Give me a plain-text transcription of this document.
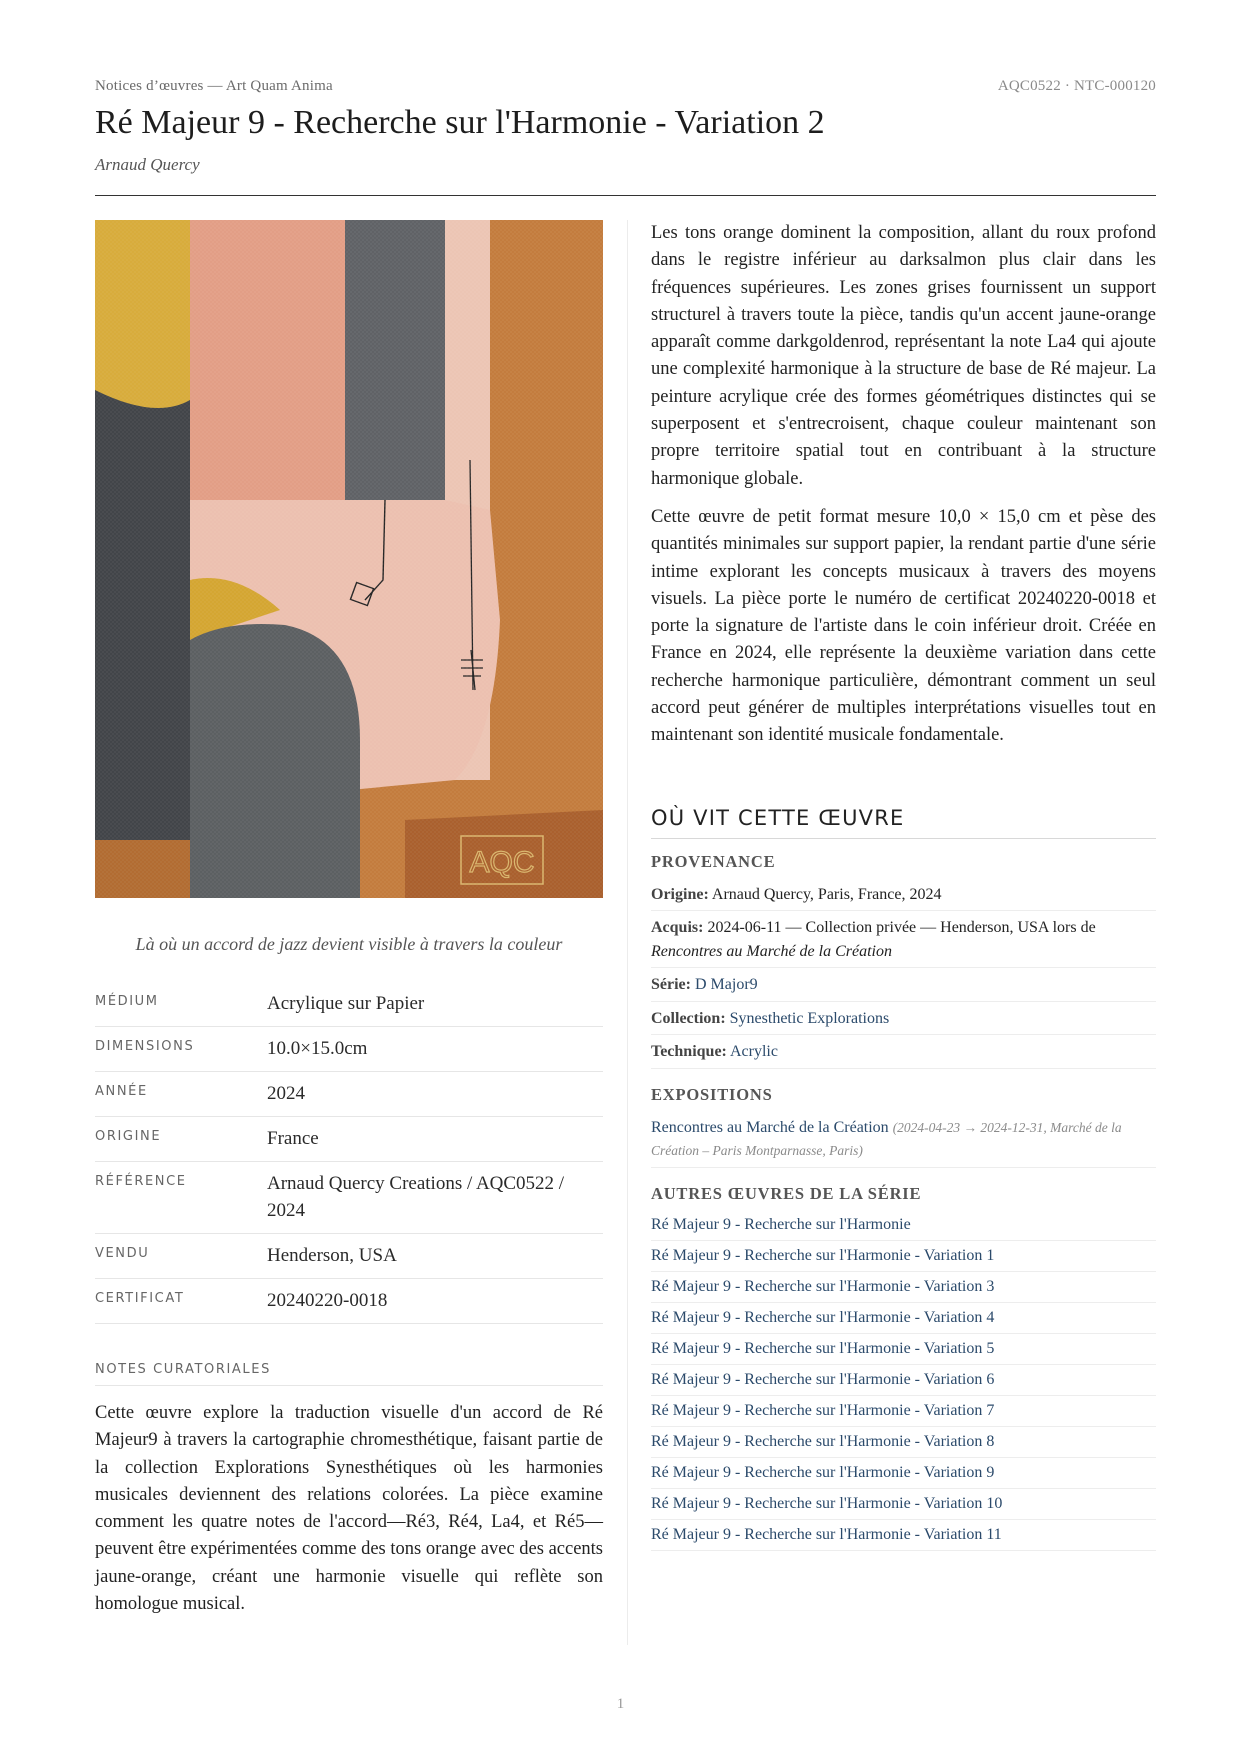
Notices d’œuvres — Art Quam Anima	AQC0522 · NTC-000120
Ré Majeur 9 - Recherche sur l'Harmonie - Variation 2
Arnaud Quercy
Là où un accord de jazz devient visible à travers la couleur
MÉDIUM	Acrylique sur Papier
DIMENSIONS	10.0×15.0cm
ANNÉE	2024
ORIGINE	France
RÉFÉRENCE	Arnaud Quercy Creations / AQC0522 / 2024
VENDU	Henderson, USA
CERTIFICAT	20240220-0018
NOTES CURATORIALES
Cette œuvre explore la traduction visuelle d'un accord de Ré Majeur9 à travers la cartographie chromesthétique, faisant partie de la collection Explorations Synesthétiques où les harmonies musicales deviennent des relations colorées. La pièce examine comment les quatre notes de l'accord—Ré3, Ré4, La4, et Ré5—peuvent être expérimentées comme des tons orange avec des accents jaune-orange, créant une harmonie visuelle qui reflète son homologue musical.

Les tons orange dominent la composition, allant du roux profond dans le registre inférieur au darksalmon plus clair dans les fréquences supérieures. Les zones grises fournissent un support structurel à travers toute la pièce, tandis qu'un accent jaune-orange apparaît comme darkgoldenrod, représentant la note La4 qui ajoute une complexité harmonique à la structure de base de Ré majeur. La peinture acrylique crée des formes géométriques distinctes qui se superposent et s'entrecroisent, chaque couleur maintenant son propre territoire spatial tout en contribuant à la structure harmonique globale.

Cette œuvre de petit format mesure 10,0 × 15,0 cm et pèse des quantités minimales sur support papier, la rendant partie d'une série intime explorant les concepts musicaux à travers des moyens visuels. La pièce porte le numéro de certificat 20240220-0018 et porte la signature de l'artiste dans le coin inférieur droit. Créée en France en 2024, elle représente la deuxième variation dans cette recherche harmonique particulière, démontrant comment un seul accord peut générer de multiples interprétations visuelles tout en maintenant son identité musicale fondamentale.

OÙ VIT CETTE ŒUVRE
PROVENANCE
Origine: Arnaud Quercy, Paris, France, 2024
Acquis: 2024-06-11 — Collection privée — Henderson, USA lors de Rencontres au Marché de la Création
Série: D Major9
Collection: Synesthetic Explorations
Technique: Acrylic
EXPOSITIONS
Rencontres au Marché de la Création (2024-04-23 → 2024-12-31, Marché de la Création – Paris Montparnasse, Paris)
AUTRES ŒUVRES DE LA SÉRIE
Ré Majeur 9 - Recherche sur l'Harmonie
Ré Majeur 9 - Recherche sur l'Harmonie - Variation 1
Ré Majeur 9 - Recherche sur l'Harmonie - Variation 3
Ré Majeur 9 - Recherche sur l'Harmonie - Variation 4
Ré Majeur 9 - Recherche sur l'Harmonie - Variation 5
Ré Majeur 9 - Recherche sur l'Harmonie - Variation 6
Ré Majeur 9 - Recherche sur l'Harmonie - Variation 7
Ré Majeur 9 - Recherche sur l'Harmonie - Variation 8
Ré Majeur 9 - Recherche sur l'Harmonie - Variation 9
Ré Majeur 9 - Recherche sur l'Harmonie - Variation 10
Ré Majeur 9 - Recherche sur l'Harmonie - Variation 11
1
